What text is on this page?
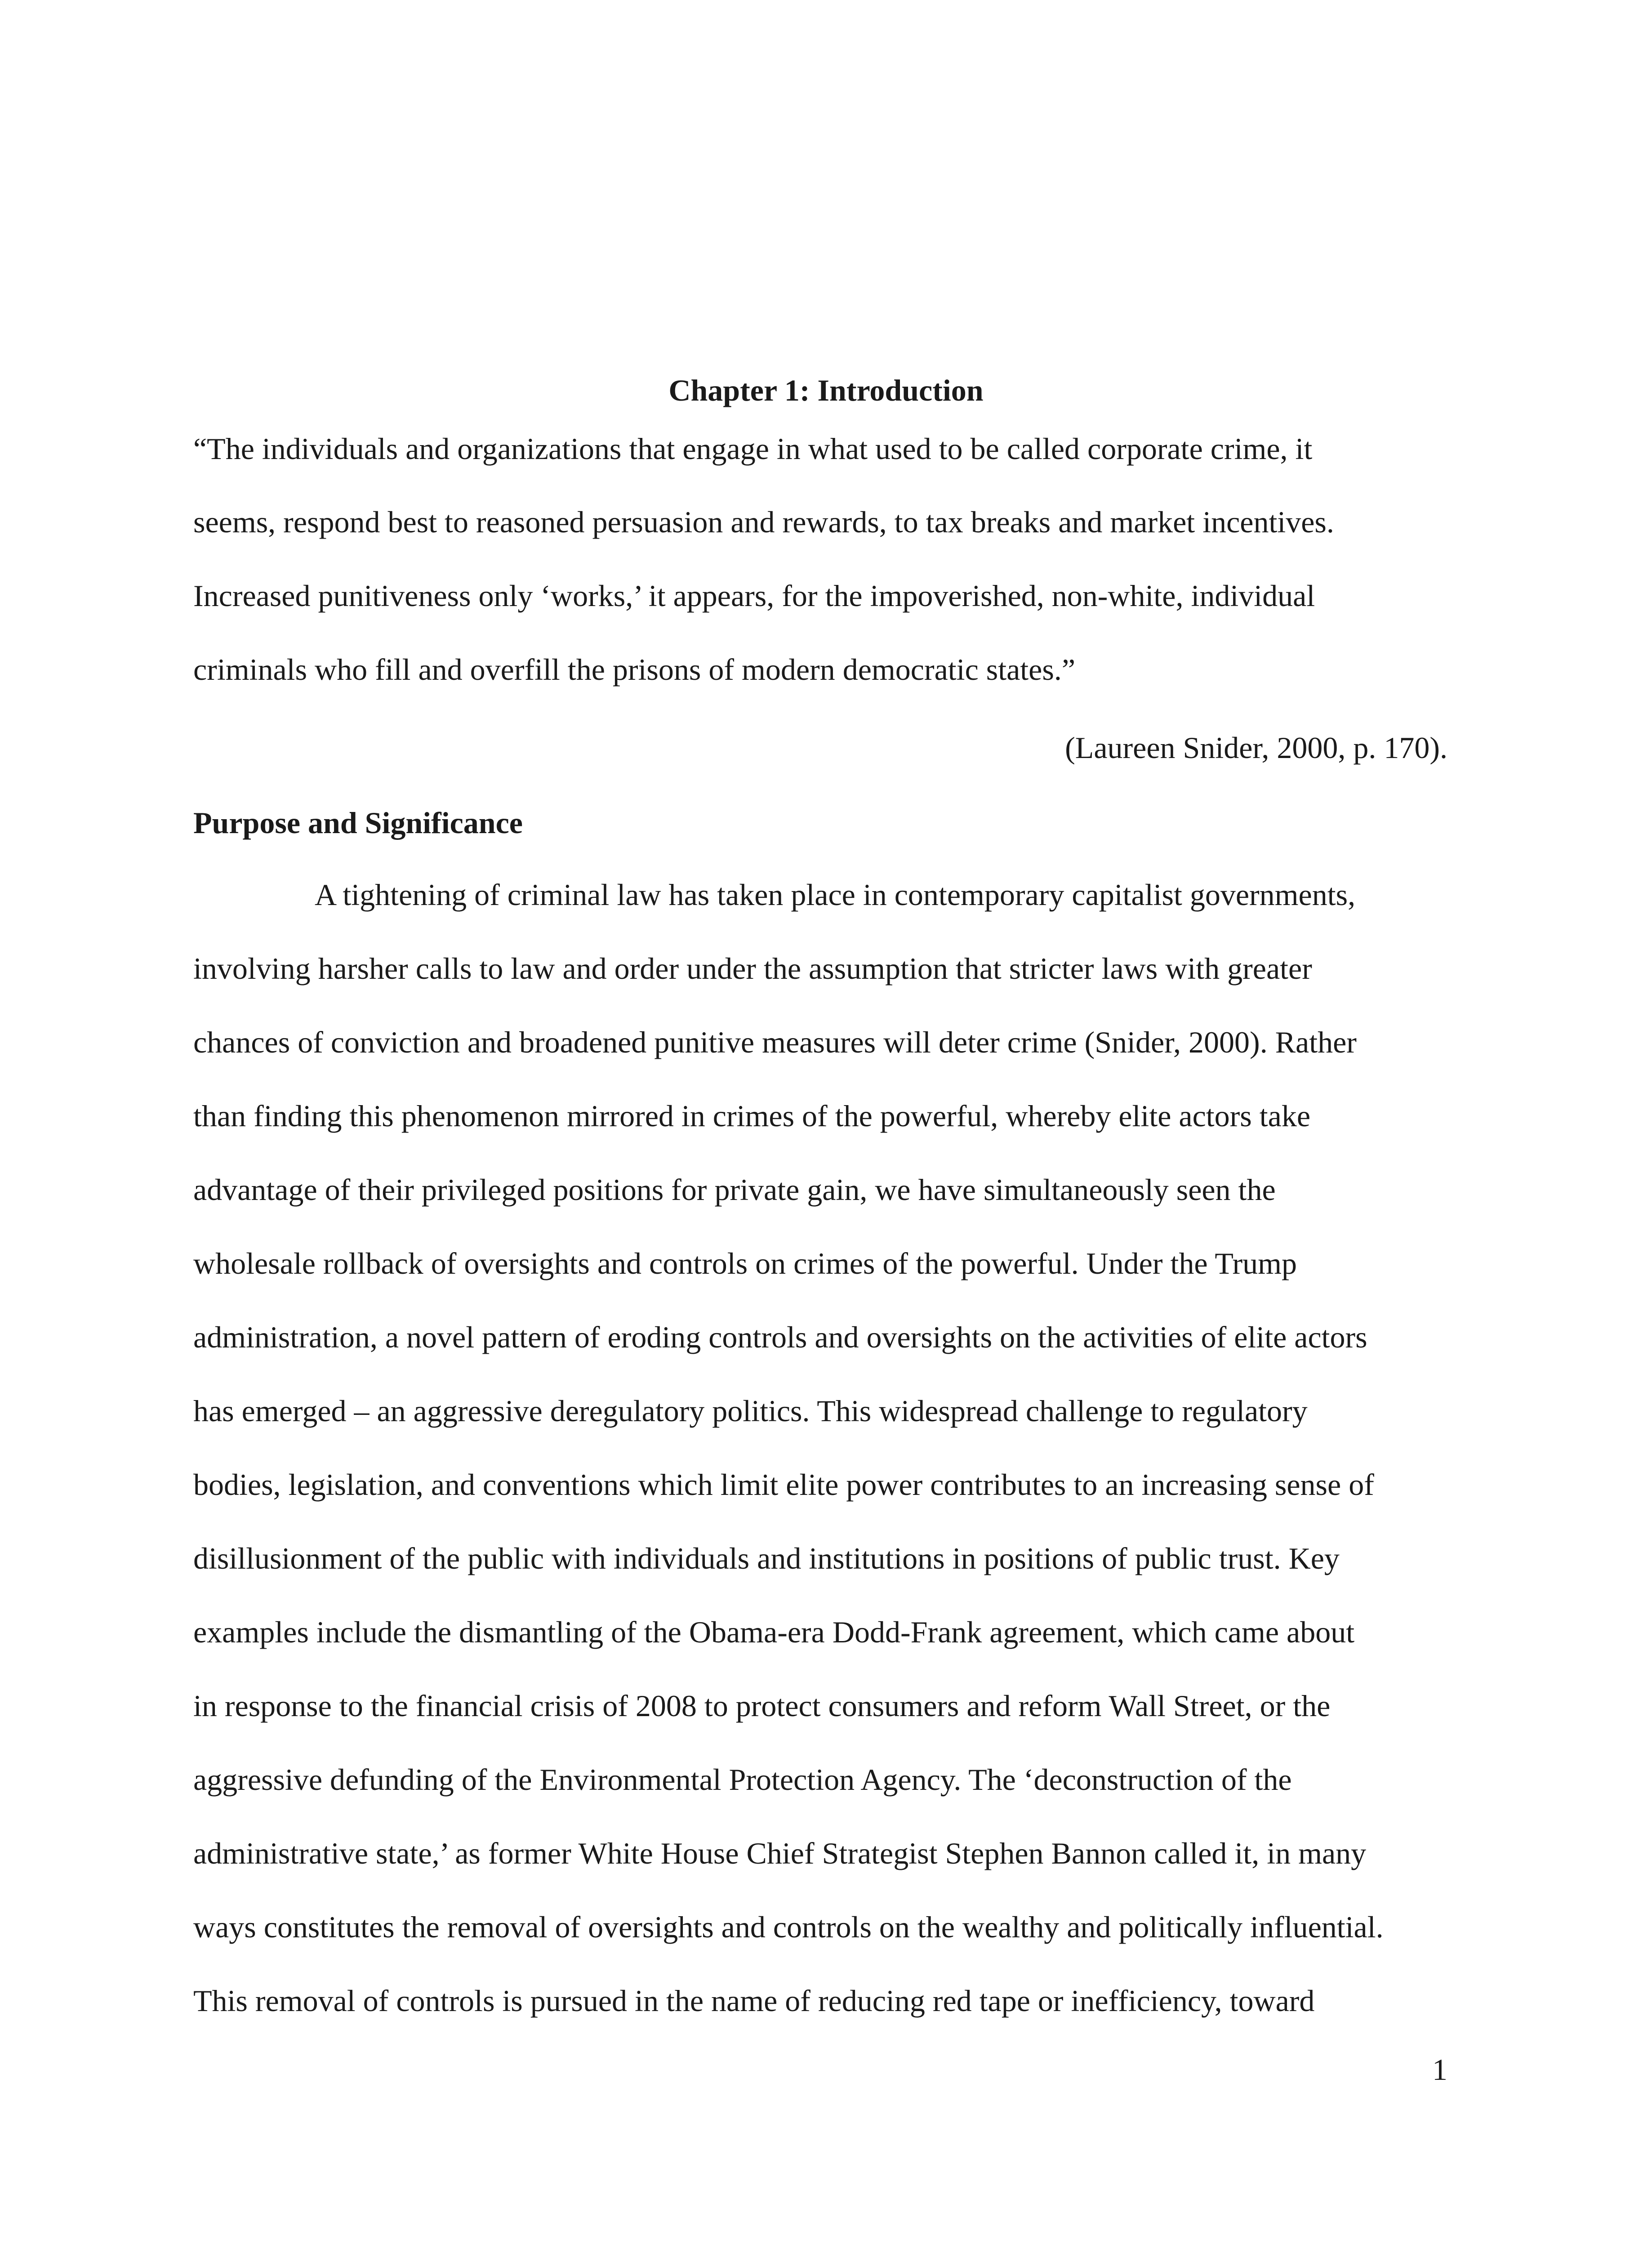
Chapter 1: Introduction
“The individuals and organizations that engage in what used to be called corporate crime, it
seems, respond best to reasoned persuasion and rewards, to tax breaks and market incentives.
Increased punitiveness only ‘works,’ it appears, for the impoverished, non-white, individual
criminals who fill and overfill the prisons of modern democratic states.”
(Laureen Snider, 2000, p. 170).
Purpose and Significance
A tightening of criminal law has taken place in contemporary capitalist governments,
involving harsher calls to law and order under the assumption that stricter laws with greater
chances of conviction and broadened punitive measures will deter crime (Snider, 2000). Rather
than finding this phenomenon mirrored in crimes of the powerful, whereby elite actors take
advantage of their privileged positions for private gain, we have simultaneously seen the
wholesale rollback of oversights and controls on crimes of the powerful. Under the Trump
administration, a novel pattern of eroding controls and oversights on the activities of elite actors
has emerged – an aggressive deregulatory politics. This widespread challenge to regulatory
bodies, legislation, and conventions which limit elite power contributes to an increasing sense of
disillusionment of the public with individuals and institutions in positions of public trust. Key
examples include the dismantling of the Obama-era Dodd-Frank agreement, which came about
in response to the financial crisis of 2008 to protect consumers and reform Wall Street, or the
aggressive defunding of the Environmental Protection Agency. The ‘deconstruction of the
administrative state,’ as former White House Chief Strategist Stephen Bannon called it, in many
ways constitutes the removal of oversights and controls on the wealthy and politically influential.
This removal of controls is pursued in the name of reducing red tape or inefficiency, toward
1
